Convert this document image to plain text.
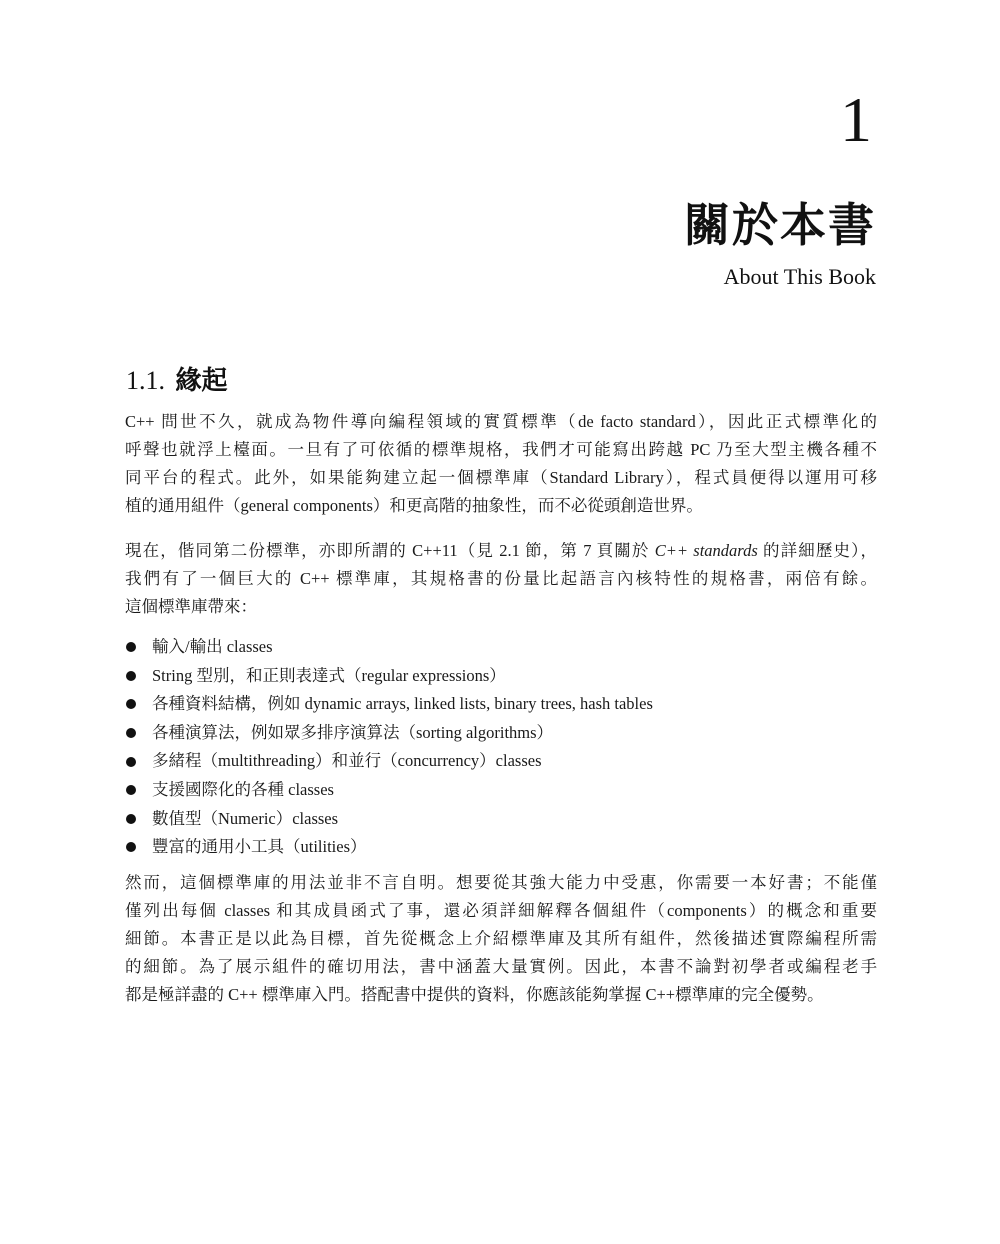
1
關於本書
About This Book
1.1. 緣起
C++ 問世不久，就成為物件導向編程領域的實質標準（de facto standard），因此正式標準化的
呼聲也就浮上檯面。一旦有了可依循的標準規格，我們才可能寫出跨越 PC 乃至大型主機各種不
同平台的程式。此外，如果能夠建立起一個標準庫（Standard Library），程式員便得以運用可移
植的通用組件（general components）和更高階的抽象性，而不必從頭創造世界。
現在，偕同第二份標準，亦即所謂的 C++11（見 2.1 節，第 7 頁關於 C++ standards 的詳細歷史），
我們有了一個巨大的 C++ 標準庫，其規格書的份量比起語言內核特性的規格書，兩倍有餘。
這個標準庫帶來：
輸入/輸出 classes
String 型別，和正則表達式（regular expressions）
各種資料結構，例如 dynamic arrays, linked lists, binary trees, hash tables
各種演算法，例如眾多排序演算法（sorting algorithms）
多緒程（multithreading）和並行（concurrency）classes
支援國際化的各種 classes
數值型（Numeric）classes
豐富的通用小工具（utilities）
然而，這個標準庫的用法並非不言自明。想要從其強大能力中受惠，你需要一本好書；不能僅
僅列出每個 classes 和其成員函式了事，還必須詳細解釋各個組件（components）的概念和重要
細節。本書正是以此為目標，首先從概念上介紹標準庫及其所有組件，然後描述實際編程所需
的細節。為了展示組件的確切用法，書中涵蓋大量實例。因此，本書不論對初學者或編程老手
都是極詳盡的 C++ 標準庫入門。搭配書中提供的資料，你應該能夠掌握 C++標準庫的完全優勢。
